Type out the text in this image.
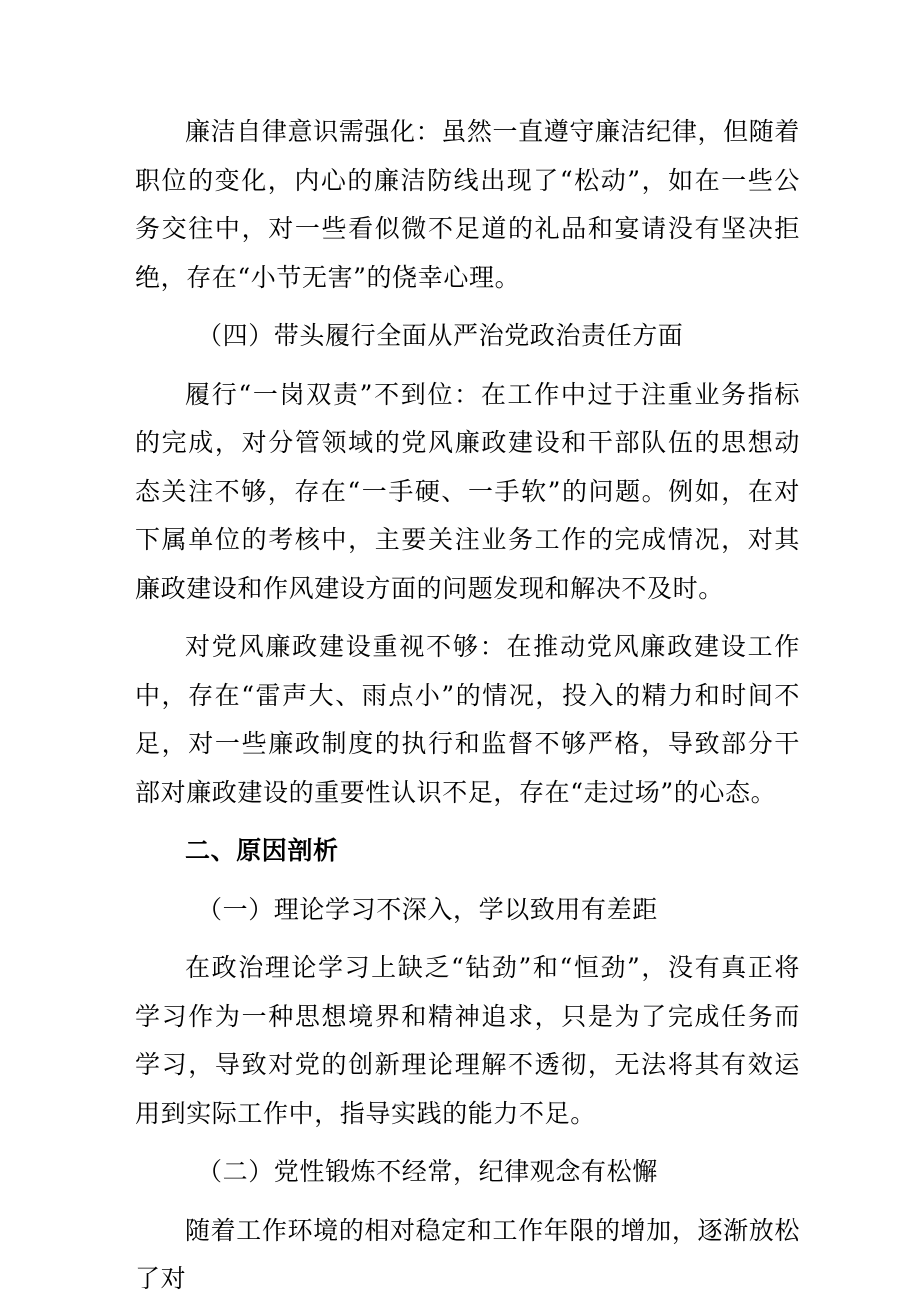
廉洁自律意识需强化：虽然一直遵守廉洁纪律，但随着职位的变化，内心的廉洁防线出现了“松动”，如在一些公务交往中，对一些看似微不足道的礼品和宴请没有坚决拒绝，存在“小节无害”的侥幸心理。

（四）带头履行全面从严治党政治责任方面

履行“一岗双责”不到位：在工作中过于注重业务指标的完成，对分管领域的党风廉政建设和干部队伍的思想动态关注不够，存在“一手硬、一手软”的问题。例如，在对下属单位的考核中，主要关注业务工作的完成情况，对其廉政建设和作风建设方面的问题发现和解决不及时。

对党风廉政建设重视不够：在推动党风廉政建设工作中，存在“雷声大、雨点小”的情况，投入的精力和时间不足，对一些廉政制度的执行和监督不够严格，导致部分干部对廉政建设的重要性认识不足，存在“走过场”的心态。

二、原因剖析

（一）理论学习不深入，学以致用有差距

在政治理论学习上缺乏“钻劲”和“恒劲”，没有真正将学习作为一种思想境界和精神追求，只是为了完成任务而学习，导致对党的创新理论理解不透彻，无法将其有效运用到实际工作中，指导实践的能力不足。

（二）党性锻炼不经常，纪律观念有松懈

随着工作环境的相对稳定和工作年限的增加，逐渐放松了对
